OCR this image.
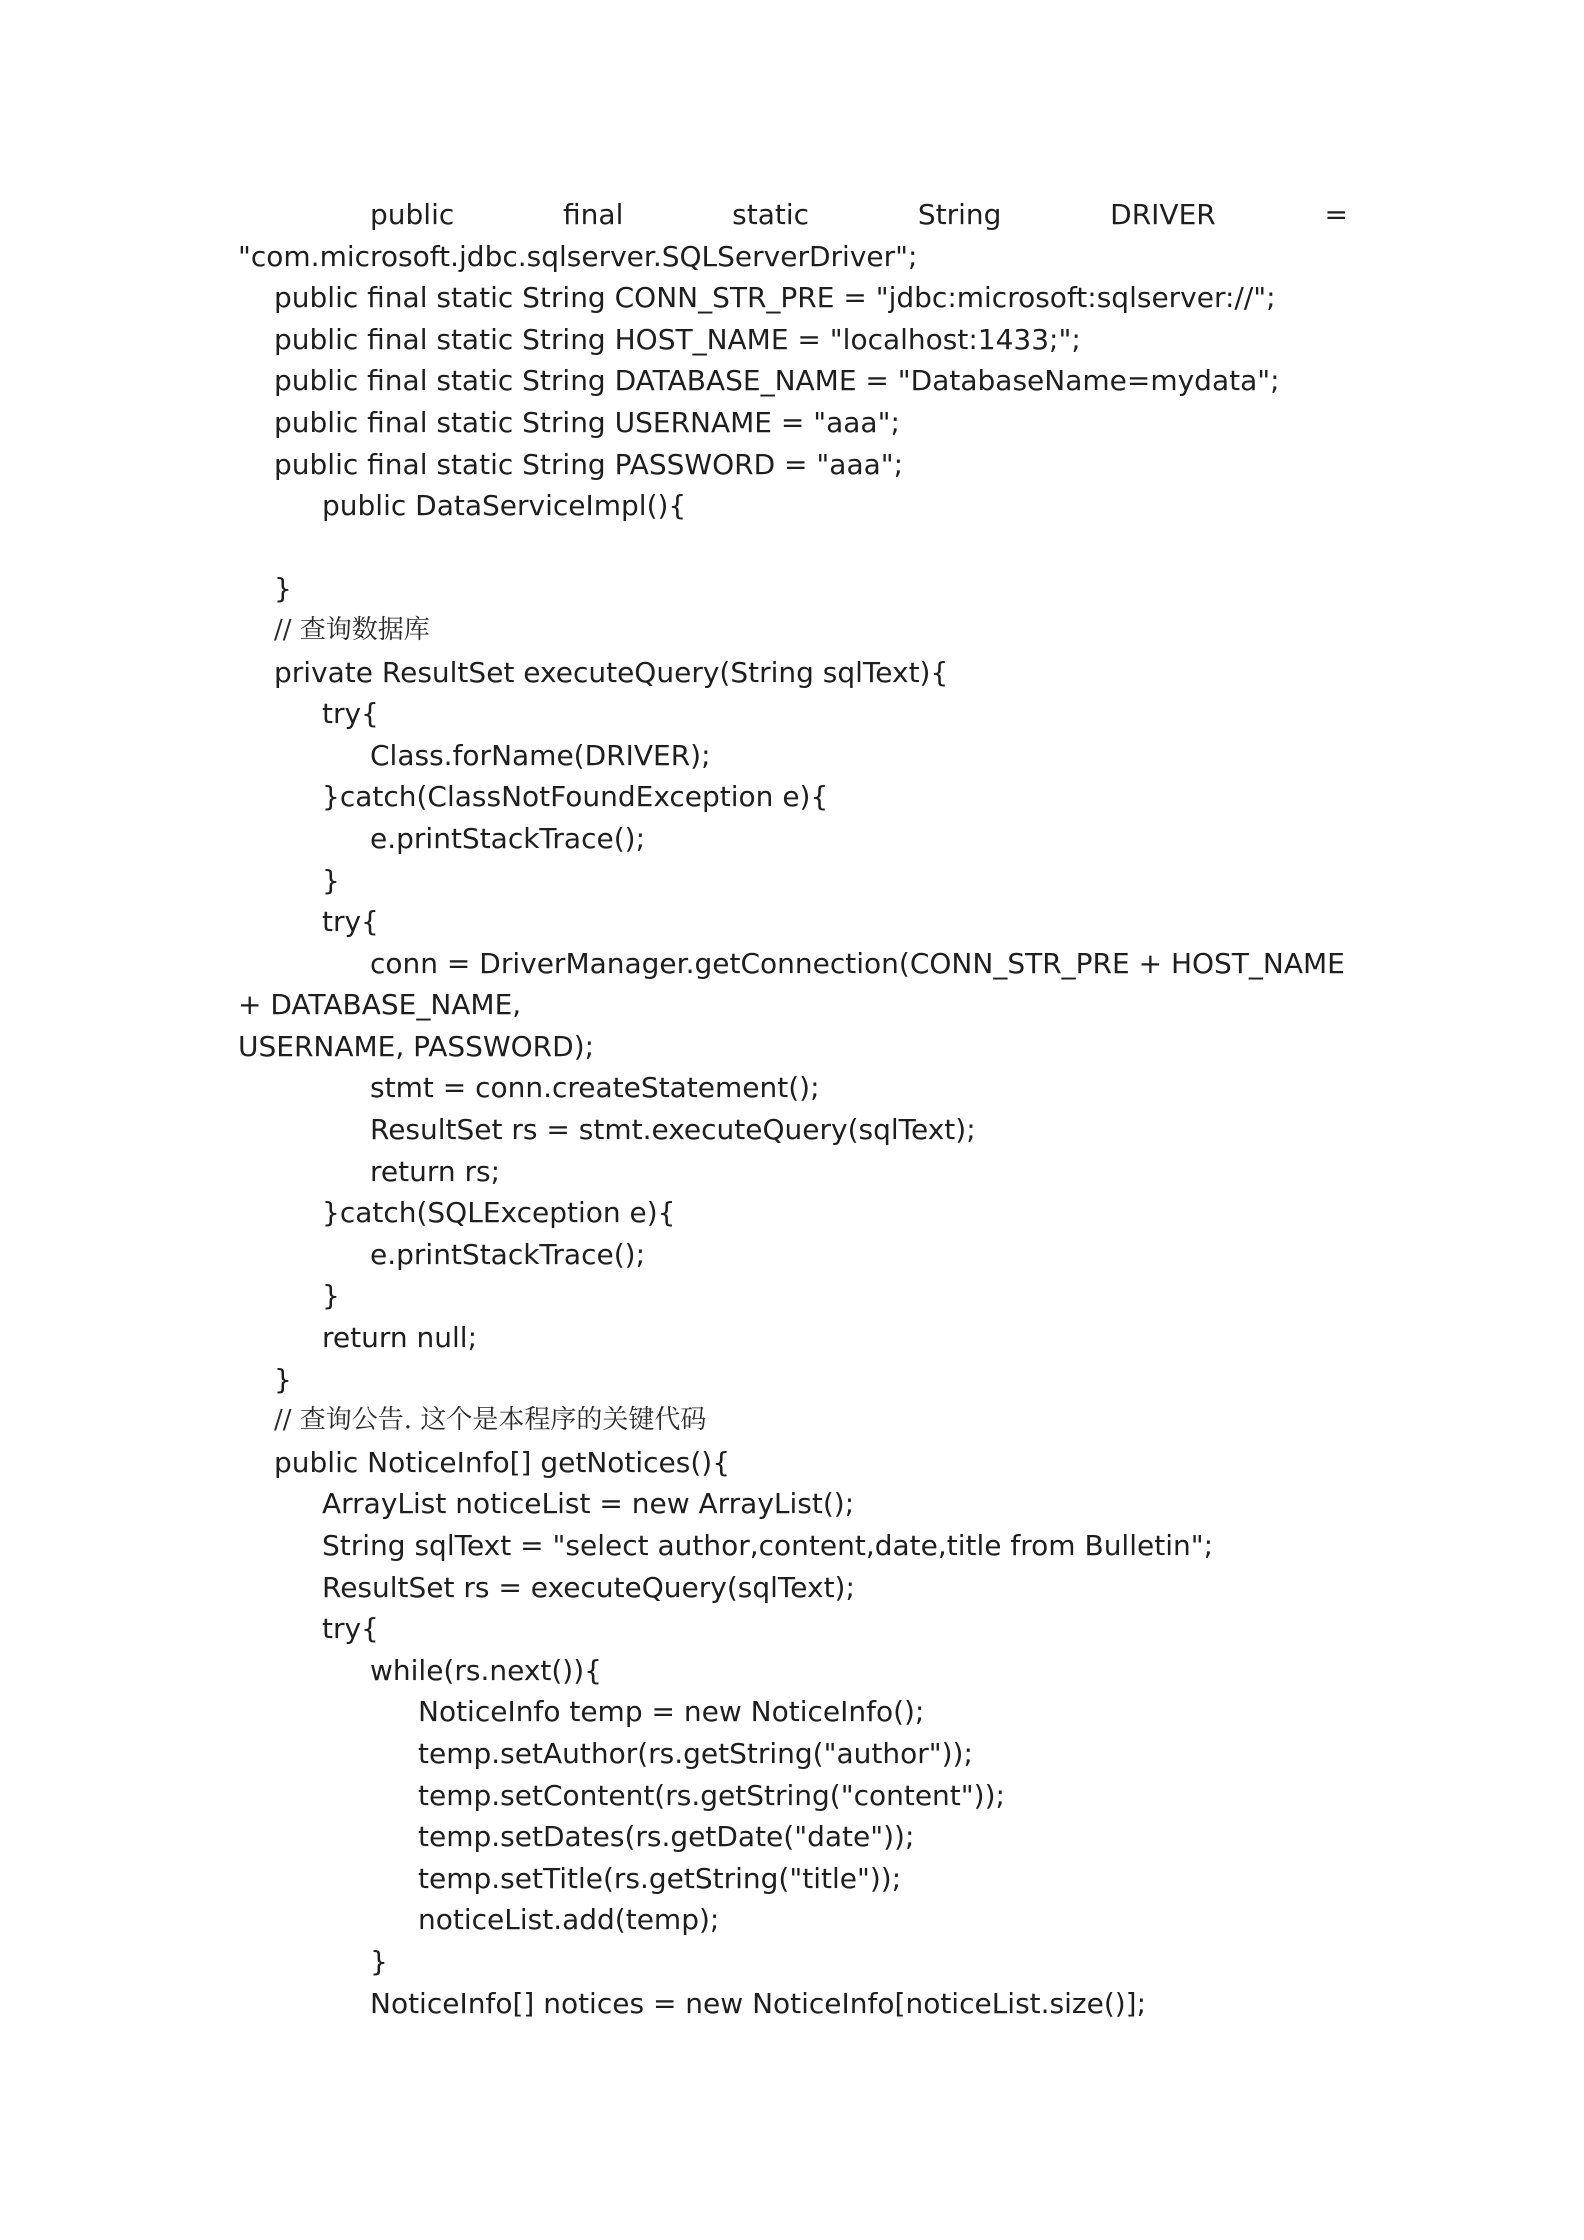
public	final	static	String	DRIVER	=
"com.microsoft.jdbc.sqlserver.SQLServerDriver";
public final static String CONN_STR_PRE = "jdbc:microsoft:sqlserver://";
public final static String HOST_NAME = "localhost:1433;";
public final static String DATABASE_NAME = "DatabaseName=mydata";
public final static String USERNAME = "aaa";
public final static String PASSWORD = "aaa";
public DataServiceImpl(){
}
// 查询数据库
private ResultSet executeQuery(String sqlText){
try{
Class.forName(DRIVER);
}catch(ClassNotFoundException e){
e.printStackTrace();
}
try{
conn = DriverManager.getConnection(CONN_STR_PRE + HOST_NAME
+ DATABASE_NAME,
USERNAME, PASSWORD);
stmt = conn.createStatement();
ResultSet rs = stmt.executeQuery(sqlText);
return rs;
}catch(SQLException e){
e.printStackTrace();
}
return null;
}
// 查询公告. 这个是本程序的关键代码
public NoticeInfo[] getNotices(){
ArrayList noticeList = new ArrayList();
String sqlText = "select author,content,date,title from Bulletin";
ResultSet rs = executeQuery(sqlText);
try{
while(rs.next()){
NoticeInfo temp = new NoticeInfo();
temp.setAuthor(rs.getString("author"));
temp.setContent(rs.getString("content"));
temp.setDates(rs.getDate("date"));
temp.setTitle(rs.getString("title"));
noticeList.add(temp);
}
NoticeInfo[] notices = new NoticeInfo[noticeList.size()];
